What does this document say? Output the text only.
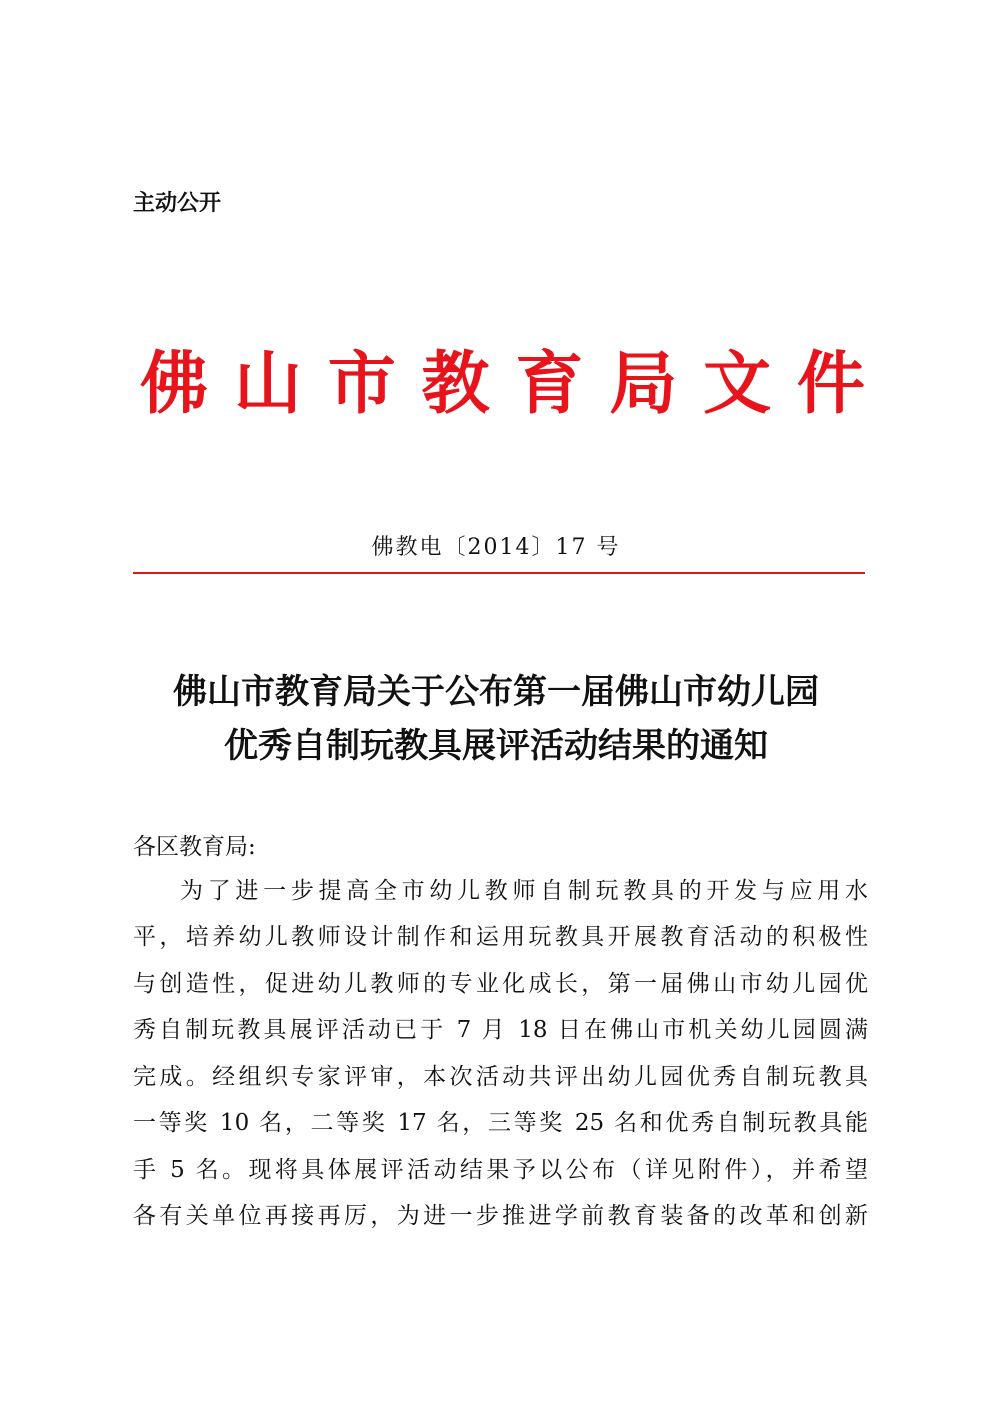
主动公开
佛 山 市 教 育 局 文 件
佛教电〔2014〕17 号
佛山市教育局关于公布第一届佛山市幼儿园
优秀自制玩教具展评活动结果的通知
各区教育局:
为了进一步提高全市幼儿教师自制玩教具的开发与应用水
平，培养幼儿教师设计制作和运用玩教具开展教育活动的积极性
与创造性，促进幼儿教师的专业化成长，第一届佛山市幼儿园优
秀自制玩教具展评活动已于 7 月 18 日在佛山市机关幼儿园圆满
完成。经组织专家评审，本次活动共评出幼儿园优秀自制玩教具
一等奖 10 名，二等奖 17 名，三等奖 25 名和优秀自制玩教具能
手 5 名。现将具体展评活动结果予以公布（详见附件），并希望
各有关单位再接再厉，为进一步推进学前教育装备的改革和创新
